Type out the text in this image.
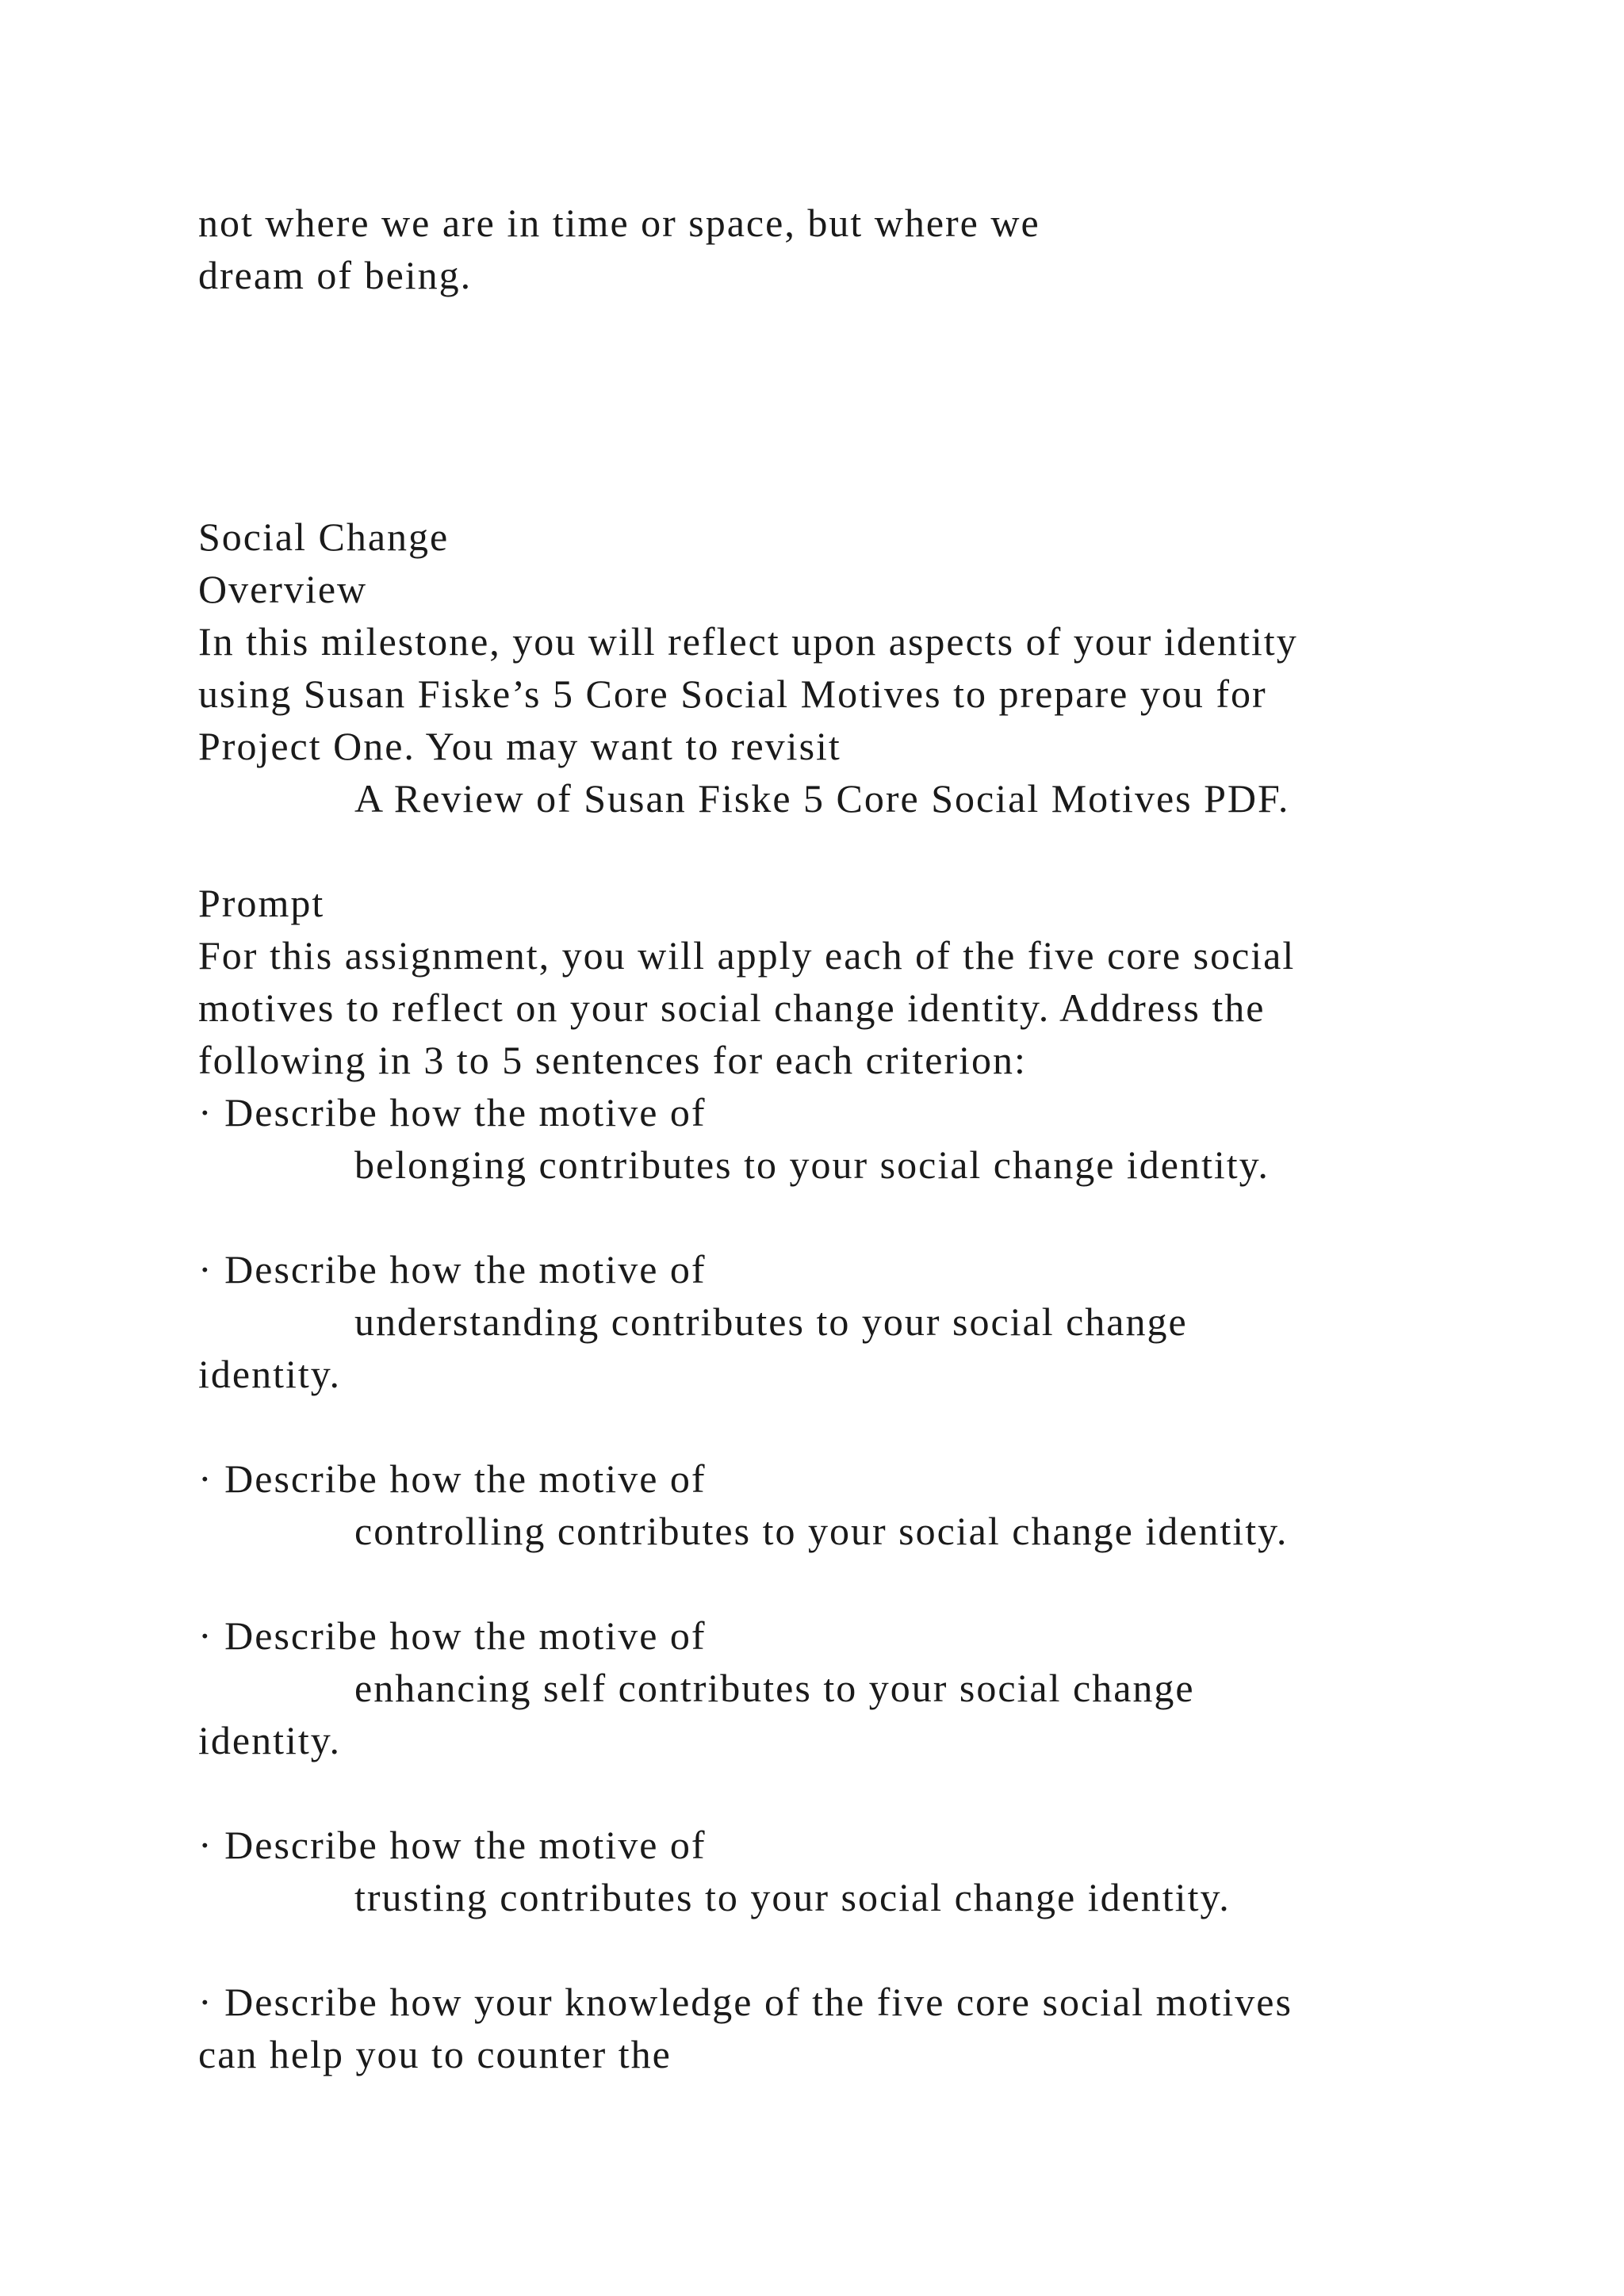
not where we are in time or space, but where we

dream of being.

Social Change

Overview

In this milestone, you will reflect upon aspects of your identity

using Susan Fiske’s 5 Core Social Motives to prepare you for

Project One. You may want to revisit

A Review of Susan Fiske 5 Core Social Motives PDF.

Prompt

For this assignment, you will apply each of the five core social

motives to reflect on your social change identity. Address the

following in 3 to 5 sentences for each criterion:

· Describe how the motive of

belonging contributes to your social change identity.

· Describe how the motive of

understanding contributes to your social change

identity.

· Describe how the motive of

controlling contributes to your social change identity.

· Describe how the motive of

enhancing self contributes to your social change

identity.

· Describe how the motive of

trusting contributes to your social change identity.

· Describe how your knowledge of the five core social motives

can help you to counter the
